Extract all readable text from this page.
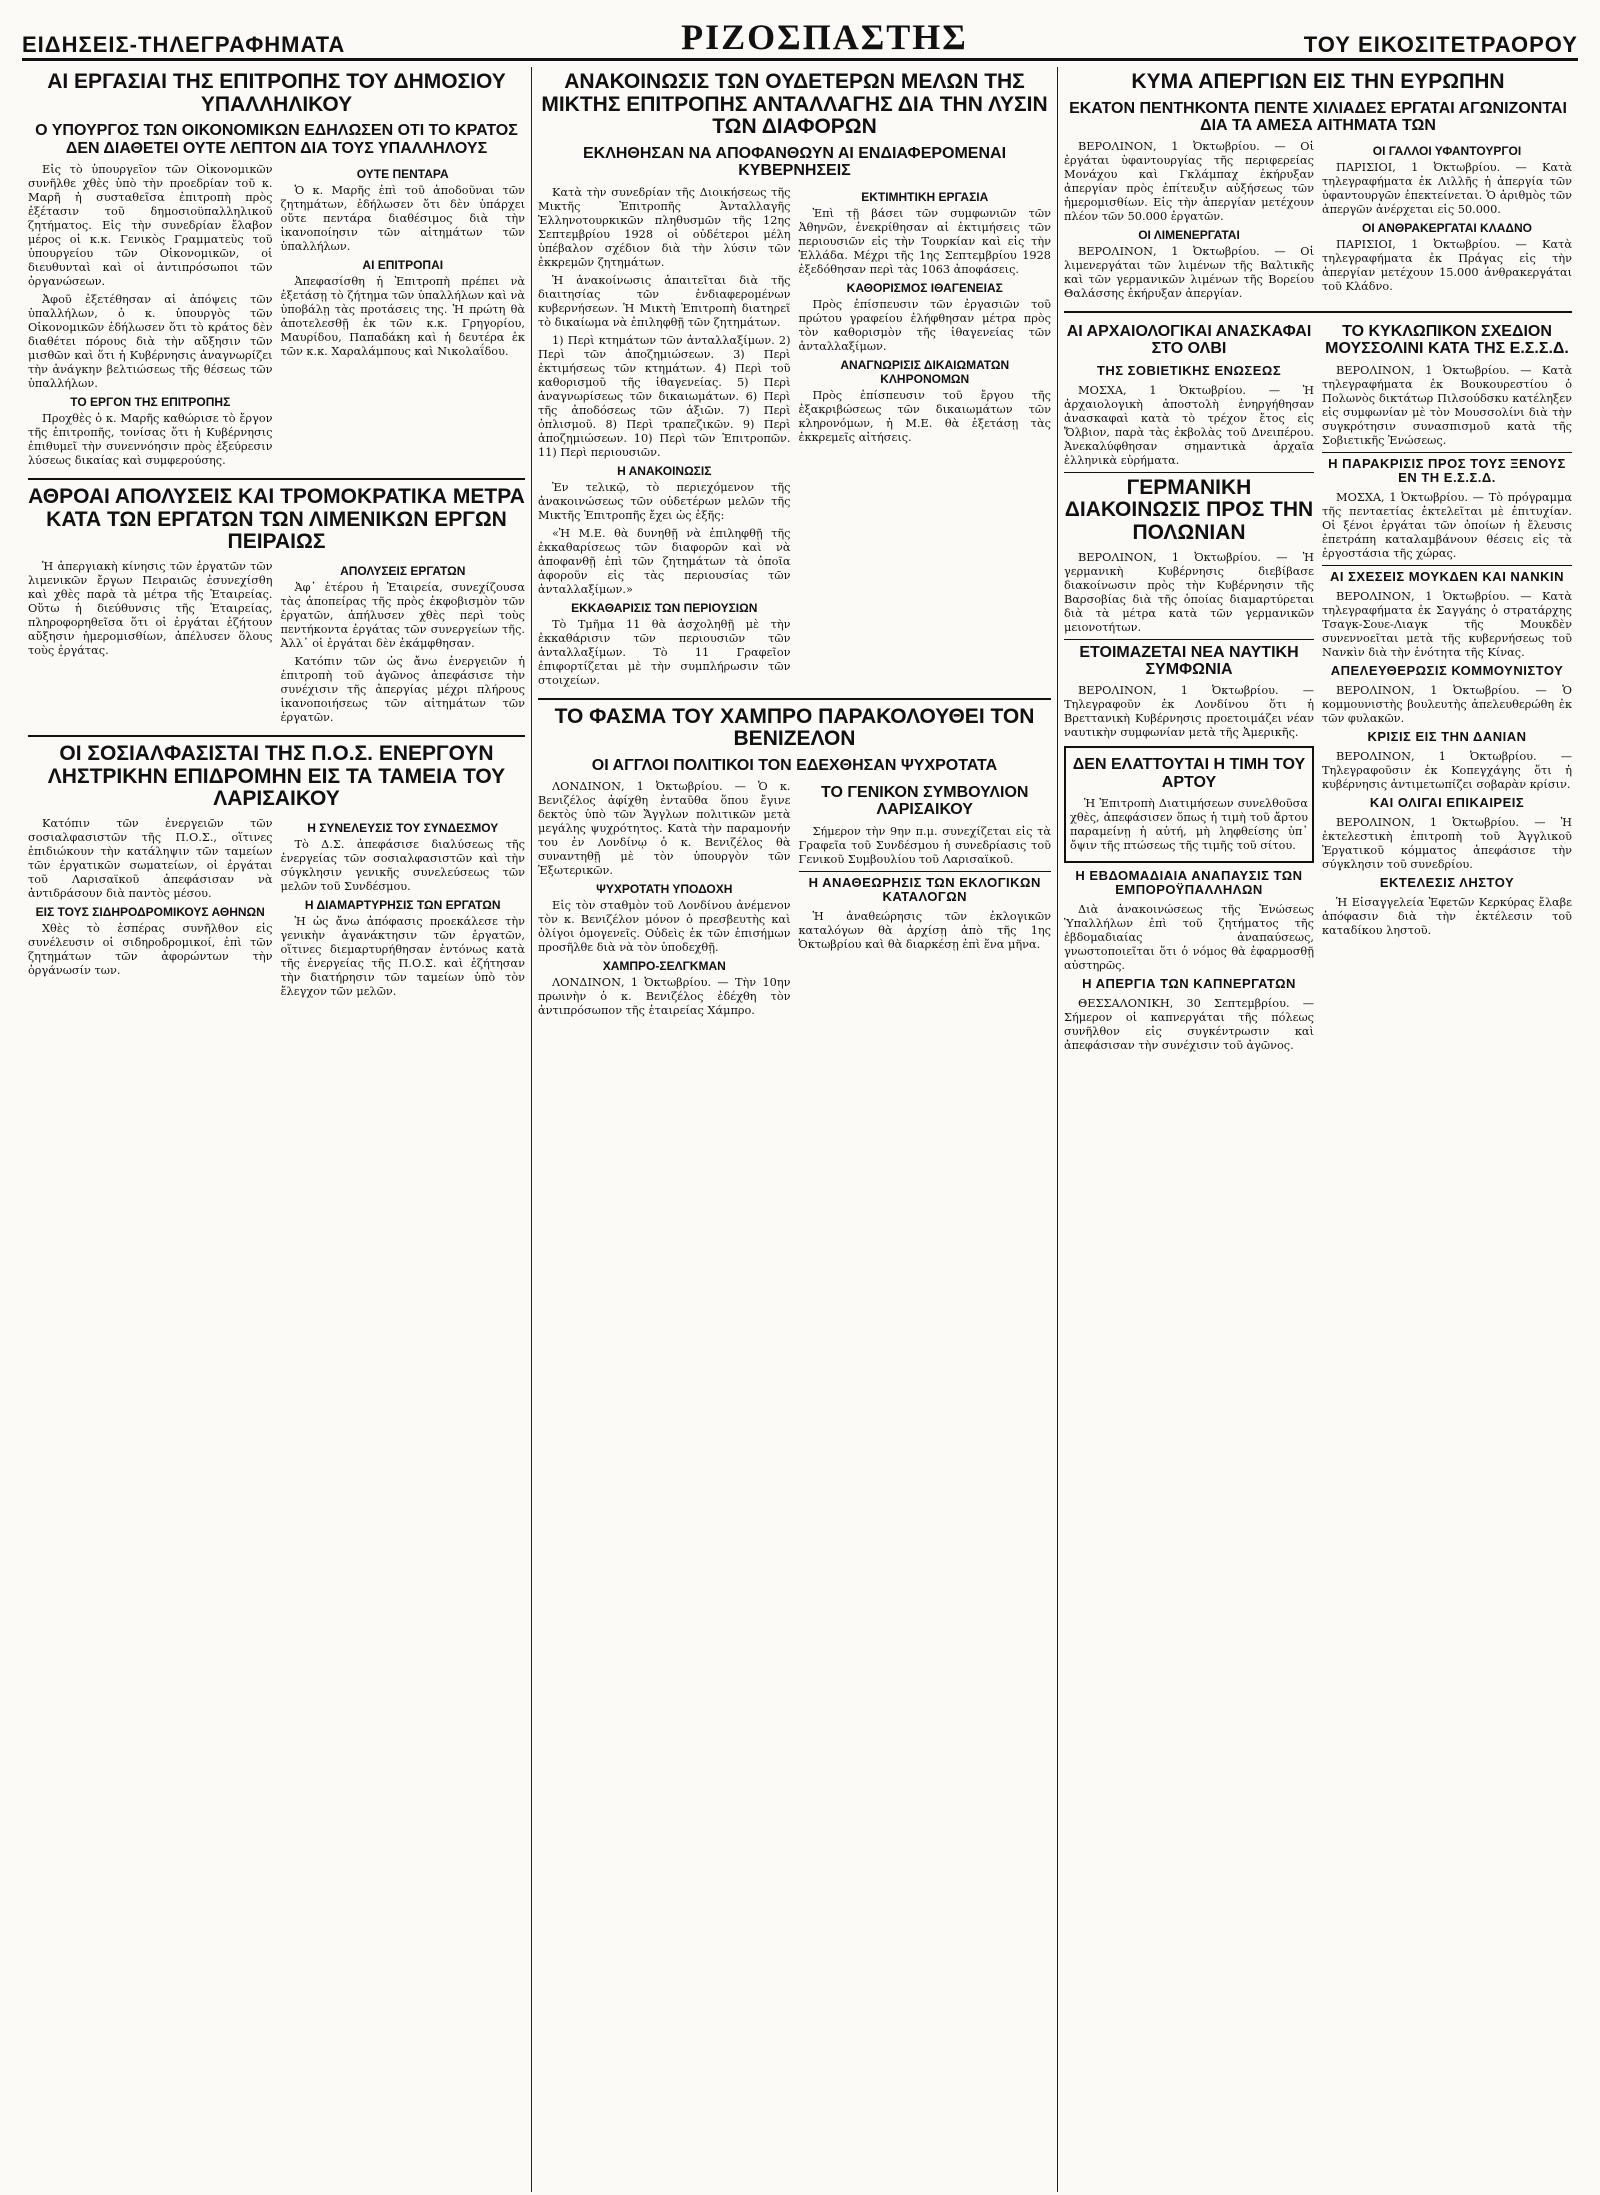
ΕΙΔΗΣΕΙΣ-ΤΗΛΕΓΡΑΦΗΜΑΤΑ	ΡΙΖΟΣΠΑΣΤΗΣ	ΤΟΥ ΕΙΚΟΣΙΤΕΤΡΑΟΡΟΥ
ΑΙ ΕΡΓΑΣΙΑΙ ΤΗΣ ΕΠΙΤΡΟΠΗΣ ΤΟΥ ΔΗΜΟΣΙΟΥ ΥΠΑΛΛΗΛΙΚΟΥ
Ο ΥΠΟΥΡΓΟΣ ΤΩΝ ΟΙΚΟΝΟΜΙΚΩΝ ΕΔΗΛΩΣΕΝ ΟΤΙ ΤΟ ΚΡΑΤΟΣ ΔΕΝ ΔΙΑΘΕΤΕΙ ΟΥΤΕ ΛΕΠΤΟΝ ΔΙΑ ΤΟΥΣ ΥΠΑΛΛΗΛΟΥΣ

Εἰς τὸ ὑπουργεῖον τῶν Οἰκονομικῶν συνῆλθε χθὲς ὑπὸ τὴν προεδρίαν τοῦ κ. Μαρῆ ἡ συσταθεῖσα ἐπιτροπὴ πρὸς ἐξέτασιν τοῦ δημοσιοϋπαλληλικοῦ ζητήματος. Εἰς τὴν συνεδρίαν ἔλαβον μέρος οἱ κ.κ. Γενικὸς Γραμματεὺς τοῦ ὑπουργείου τῶν Οἰκονομικῶν, οἱ διευθυνταὶ καὶ οἱ ἀντιπρόσωποι τῶν ὀργανώσεων.

Ἀφοῦ ἐξετέθησαν αἱ ἀπόψεις τῶν ὑπαλλήλων, ὁ κ. ὑπουργὸς τῶν Οἰκονομικῶν ἐδήλωσεν ὅτι τὸ κράτος δὲν διαθέτει πόρους διὰ τὴν αὔξησιν τῶν μισθῶν καὶ ὅτι ἡ Κυβέρνησις ἀναγνωρίζει τὴν ἀνάγκην βελτιώσεως τῆς θέσεως τῶν ὑπαλλήλων.

ΤΟ ΕΡΓΟΝ ΤΗΣ ΕΠΙΤΡΟΠΗΣ

Προχθὲς ὁ κ. Μαρῆς καθώρισε τὸ ἔργον τῆς ἐπιτροπῆς, τονίσας ὅτι ἡ Κυβέρνησις ἐπιθυμεῖ τὴν συνεννόησιν πρὸς ἐξεύρεσιν λύσεως δικαίας καὶ συμφερούσης.

ΟΥΤΕ ΠΕΝΤΑΡΑ

Ὁ κ. Μαρῆς ἐπὶ τοῦ ἀποδοῦναι τῶν ζητημάτων, ἐδήλωσεν ὅτι δὲν ὑπάρχει οὔτε πεντάρα διαθέσιμος διὰ τὴν ἱκανοποίησιν τῶν αἰτημάτων τῶν ὑπαλλήλων.

ΑΙ ΕΠΙΤΡΟΠΑΙ

Ἀπεφασίσθη ἡ Ἐπιτροπὴ πρέπει νὰ ἐξετάσῃ τὸ ζήτημα τῶν ὑπαλλήλων καὶ νὰ ὑποβάλῃ τὰς προτάσεις της. Ἡ πρώτη θὰ ἀποτελεσθῇ ἐκ τῶν κ.κ. Γρηγορίου, Μαυρίδου, Παπαδάκη καὶ ἡ δευτέρα ἐκ τῶν κ.κ. Χαραλάμπους καὶ Νικολαΐδου.

ΑΘΡΟΑΙ ΑΠΟΛΥΣΕΙΣ ΚΑΙ ΤΡΟΜΟΚΡΑΤΙΚΑ ΜΕΤΡΑ ΚΑΤΑ ΤΩΝ ΕΡΓΑΤΩΝ ΤΩΝ ΛΙΜΕΝΙΚΩΝ ΕΡΓΩΝ ΠΕΙΡΑΙΩΣ

Ἡ ἀπεργιακὴ κίνησις τῶν ἐργατῶν τῶν λιμενικῶν ἔργων Πειραιῶς ἐσυνεχίσθη καὶ χθὲς παρὰ τὰ μέτρα τῆς Ἑταιρείας. Οὕτω ἡ διεύθυνσις τῆς Ἑταιρείας, πληροφορηθεῖσα ὅτι οἱ ἐργάται ἐζήτουν αὔξησιν ἡμερομισθίων, ἀπέλυσεν ὅλους τοὺς ἐργάτας.

ΑΠΟΛΥΣΕΙΣ ΕΡΓΑΤΩΝ

Ἀφ᾿ ἑτέρου ἡ Ἑταιρεία, συνεχίζουσα τὰς ἀποπείρας τῆς πρὸς ἐκφοβισμὸν τῶν ἐργατῶν, ἀπήλυσεν χθὲς περὶ τοὺς πεντήκοντα ἐργάτας τῶν συνεργείων τῆς. Ἀλλ᾿ οἱ ἐργάται δὲν ἐκάμφθησαν.

Κατόπιν τῶν ὡς ἄνω ἐνεργειῶν ἡ ἐπιτροπὴ τοῦ ἀγῶνος ἀπεφάσισε τὴν συνέχισιν τῆς ἀπεργίας μέχρι πλήρους ἱκανοποιήσεως τῶν αἰτημάτων τῶν ἐργατῶν.

ΟΙ ΣΟΣΙΑΛΦΑΣΙΣΤΑΙ ΤΗΣ Π.Ο.Σ. ΕΝΕΡΓΟΥΝ ΛΗΣΤΡΙΚΗΝ ΕΠΙΔΡΟΜΗΝ ΕΙΣ ΤΑ ΤΑΜΕΙΑ ΤΟΥ ΛΑΡΙΣΑΙΚΟΥ

Κατόπιν τῶν ἐνεργειῶν τῶν σοσιαλφασιστῶν τῆς Π.Ο.Σ., οἵτινες ἐπιδιώκουν τὴν κατάληψιν τῶν ταμείων τῶν ἐργατικῶν σωματείων, οἱ ἐργάται τοῦ Λαρισαϊκοῦ ἀπεφάσισαν νὰ ἀντιδράσουν διὰ παντὸς μέσου.

ΕΙΣ ΤΟΥΣ ΣΙΔΗΡΟΔΡΟΜΙΚΟΥΣ ΑΘΗΝΩΝ

Χθὲς τὸ ἑσπέρας συνῆλθον εἰς συνέλευσιν οἱ σιδηροδρομικοί, ἐπὶ τῶν ζητημάτων τῶν ἀφορώντων τὴν ὀργάνωσίν των.

Η ΣΥΝΕΛΕΥΣΙΣ ΤΟΥ ΣΥΝΔΕΣΜΟΥ

Τὸ Δ.Σ. ἀπεφάσισε διαλύσεως τῆς ἐνεργείας τῶν σοσιαλφασιστῶν καὶ τὴν σύγκλησιν γενικῆς συνελεύσεως τῶν μελῶν τοῦ Συνδέσμου.

Η ΔΙΑΜΑΡΤΥΡΗΣΙΣ ΤΩΝ ΕΡΓΑΤΩΝ

Ἡ ὡς ἄνω ἀπόφασις προεκάλεσε τὴν γενικὴν ἀγανάκτησιν τῶν ἐργατῶν, οἵτινες διεμαρτυρήθησαν ἐντόνως κατὰ τῆς ἐνεργείας τῆς Π.Ο.Σ. καὶ ἐζήτησαν τὴν διατήρησιν τῶν ταμείων ὑπὸ τὸν ἔλεγχον τῶν μελῶν.

ΑΝΑΚΟΙΝΩΣΙΣ ΤΩΝ ΟΥΔΕΤΕΡΩΝ ΜΕΛΩΝ ΤΗΣ ΜΙΚΤΗΣ ΕΠΙΤΡΟΠΗΣ ΑΝΤΑΛΛΑΓΗΣ ΔΙΑ ΤΗΝ ΛΥΣΙΝ ΤΩΝ ΔΙΑΦΟΡΩΝ
ΕΚΛΗΘΗΣΑΝ ΝΑ ΑΠΟΦΑΝΘΩΥΝ ΑΙ ΕΝΔΙΑΦΕΡΟΜΕΝΑΙ ΚΥΒΕΡΝΗΣΕΙΣ

Κατὰ τὴν συνεδρίαν τῆς Διοικήσεως τῆς Μικτῆς Ἐπιτροπῆς Ἀνταλλαγῆς Ἑλληνοτουρκικῶν πληθυσμῶν τῆς 12ης Σεπτεμβρίου 1928 οἱ οὐδέτεροι μέλη ὑπέβαλον σχέδιον διὰ τὴν λύσιν τῶν ἐκκρεμῶν ζητημάτων.

Ἡ ἀνακοίνωσις ἀπαιτεῖται διὰ τῆς διαιτησίας τῶν ἑνδιαφερομένων κυβερνήσεων. Ἡ Μικτὴ Ἐπιτροπὴ διατηρεῖ τὸ δικαίωμα νὰ ἐπιληφθῇ τῶν ζητημάτων.

1) Περὶ κτημάτων τῶν ἀνταλλαξίμων. 2) Περὶ τῶν ἀποζημιώσεων. 3) Περὶ ἐκτιμήσεως τῶν κτημάτων. 4) Περὶ τοῦ καθορισμοῦ τῆς ἰθαγενείας. 5) Περὶ ἀναγνωρίσεως τῶν δικαιωμάτων. 6) Περὶ τῆς ἀποδόσεως τῶν ἀξιῶν. 7) Περὶ ὁπλισμοῦ. 8) Περὶ τραπεζικῶν. 9) Περὶ ἀποζημιώσεων. 10) Περὶ τῶν Ἐπιτροπῶν. 11) Περὶ περιουσιῶν.

Η ΑΝΑΚΟΙΝΩΣΙΣ

Ἐν τελικῷ, τὸ περιεχόμενον τῆς ἀνακοινώσεως τῶν οὐδετέρων μελῶν τῆς Μικτῆς Ἐπιτροπῆς ἔχει ὡς ἑξῆς:

«Ἡ Μ.Ε. θὰ δυνηθῇ νὰ ἐπιληφθῇ τῆς ἐκκαθαρίσεως τῶν διαφορῶν καὶ νὰ ἀποφανθῇ ἐπὶ τῶν ζητημάτων τὰ ὁποῖα ἀφοροῦν εἰς τὰς περιουσίας τῶν ἀνταλλαξίμων.»

ΕΚΚΑΘΑΡΙΣΙΣ ΤΩΝ ΠΕΡΙΟΥΣΙΩΝ

Τὸ Τμῆμα 11 θὰ ἀσχοληθῇ μὲ τὴν ἐκκαθάρισιν τῶν περιουσιῶν τῶν ἀνταλλαξίμων. Τὸ 11 Γραφεῖον ἐπιφορτίζεται μὲ τὴν συμπλήρωσιν τῶν στοιχείων.

ΕΚΤΙΜΗΤΙΚΗ ΕΡΓΑΣΙΑ

Ἐπὶ τῇ βάσει τῶν συμφωνιῶν τῶν Ἀθηνῶν, ἐνεκρίθησαν αἱ ἐκτιμήσεις τῶν περιουσιῶν εἰς τὴν Τουρκίαν καὶ εἰς τὴν Ἑλλάδα. Μέχρι τῆς 1ης Σεπτεμβρίου 1928 ἐξεδόθησαν περὶ τὰς 1063 ἀποφάσεις.

ΚΑΘΟΡΙΣΜΟΣ ΙΘΑΓΕΝΕΙΑΣ

Πρὸς ἐπίσπευσιν τῶν ἐργασιῶν τοῦ πρώτου γραφείου ἐλήφθησαν μέτρα πρὸς τὸν καθορισμὸν τῆς ἰθαγενείας τῶν ἀνταλλαξίμων.

ΑΝΑΓΝΩΡΙΣΙΣ ΔΙΚΑΙΩΜΑΤΩΝ ΚΛΗΡΟΝΟΜΩΝ

Πρὸς ἐπίσπευσιν τοῦ ἔργου τῆς ἐξακριβώσεως τῶν δικαιωμάτων τῶν κληρονόμων, ἡ Μ.Ε. θὰ ἐξετάσῃ τὰς ἐκκρεμεῖς αἰτήσεις.

ΤΟ ΦΑΣΜΑ ΤΟΥ ΧΑΜΠΡΟ ΠΑΡΑΚΟΛΟΥΘΕΙ ΤΟΝ ΒΕΝΙΖΕΛΟΝ
ΟΙ ΑΓΓΛΟΙ ΠΟΛΙΤΙΚΟΙ ΤΟΝ ΕΔΕΧΘΗΣΑΝ ΨΥΧΡΟΤΑΤΑ

ΛΟΝΔΙΝΟΝ, 1 Ὀκτωβρίου. — Ὁ κ. Βενιζέλος ἀφίχθη ἐνταῦθα ὅπου ἔγινε δεκτὸς ὑπὸ τῶν Ἄγγλων πολιτικῶν μετὰ μεγάλης ψυχρότητος. Κατὰ τὴν παραμονήν του ἐν Λονδίνῳ ὁ κ. Βενιζέλος θὰ συναντηθῇ μὲ τὸν ὑπουργὸν τῶν Ἐξωτερικῶν.

ΨΥΧΡΟΤΑΤΗ ΥΠΟΔΟΧΗ

Εἰς τὸν σταθμὸν τοῦ Λονδίνου ἀνέμενον τὸν κ. Βενιζέλον μόνον ὁ πρεσβευτὴς καὶ ὀλίγοι ὁμογενεῖς. Οὐδεὶς ἐκ τῶν ἐπισήμων προσῆλθε διὰ νὰ τὸν ὑποδεχθῇ.

ΧΑΜΠΡΟ-ΣΕΛΓΚΜΑΝ

ΛΟΝΔΙΝΟΝ, 1 Ὀκτωβρίου. — Τὴν 10ην πρωινὴν ὁ κ. Βενιζέλος ἐδέχθη τὸν ἀντιπρόσωπον τῆς ἑταιρείας Χάμπρο.

ΤΟ ΓΕΝΙΚΟΝ ΣΥΜΒΟΥΛΙΟΝ ΛΑΡΙΣΑΙΚΟΥ

Σήμερον τὴν 9ην π.μ. συνεχίζεται εἰς τὰ Γραφεῖα τοῦ Συνδέσμου ἡ συνεδρίασις τοῦ Γενικοῦ Συμβουλίου τοῦ Λαρισαϊκοῦ.

Η ΑΝΑΘΕΩΡΗΣΙΣ ΤΩΝ ΕΚΛΟΓΙΚΩΝ ΚΑΤΑΛΟΓΩΝ

Ἡ ἀναθεώρησις τῶν ἐκλογικῶν καταλόγων θὰ ἀρχίσῃ ἀπὸ τῆς 1ης Ὀκτωβρίου καὶ θὰ διαρκέσῃ ἐπὶ ἕνα μῆνα.

ΚΥΜΑ ΑΠΕΡΓΙΩΝ ΕΙΣ ΤΗΝ ΕΥΡΩΠΗΝ
ΕΚΑΤΟΝ ΠΕΝΤΗΚΟΝΤΑ ΠΕΝΤΕ ΧΙΛΙΑΔΕΣ ΕΡΓΑΤΑΙ ΑΓΩΝΙΖΟΝΤΑΙ ΔΙΑ ΤΑ ΑΜΕΣΑ ΑΙΤΗΜΑΤΑ ΤΩΝ

ΒΕΡΟΛΙΝΟΝ, 1 Ὀκτωβρίου. — Οἱ ἐργάται ὑφαντουργίας τῆς περιφερείας Μονάχου καὶ Γκλάμπαχ ἐκήρυξαν ἀπεργίαν πρὸς ἐπίτευξιν αὐξήσεως τῶν ἡμερομισθίων. Εἰς τὴν ἀπεργίαν μετέχουν πλέον τῶν 50.000 ἐργατῶν.

ΟΙ ΛΙΜΕΝΕΡΓΑΤΑΙ

ΒΕΡΟΛΙΝΟΝ, 1 Ὀκτωβρίου. — Οἱ λιμενεργάται τῶν λιμένων τῆς Βαλτικῆς καὶ τῶν γερμανικῶν λιμένων τῆς Βορείου Θαλάσσης ἐκήρυξαν ἀπεργίαν.

ΟΙ ΓΑΛΛΟΙ ΥΦΑΝΤΟΥΡΓΟΙ

ΠΑΡΙΣΙΟΙ, 1 Ὀκτωβρίου. — Κατὰ τηλεγραφήματα ἐκ Λιλλῆς ἡ ἀπεργία τῶν ὑφαντουργῶν ἐπεκτείνεται. Ὁ ἀριθμὸς τῶν ἀπεργῶν ἀνέρχεται εἰς 50.000.

ΟΙ ΑΝΘΡΑΚΕΡΓΑΤΑΙ ΚΛΑΔΝΟ

ΠΑΡΙΣΙΟΙ, 1 Ὀκτωβρίου. — Κατὰ τηλεγραφήματα ἐκ Πράγας εἰς τὴν ἀπεργίαν μετέχουν 15.000 ἀνθρακεργάται τοῦ Κλάδνο.

ΑΙ ΑΡΧΑΙΟΛΟΓΙΚΑΙ ΑΝΑΣΚΑΦΑΙ ΣΤΟ ΟΛΒΙ
ΤΗΣ ΣΟΒΙΕΤΙΚΗΣ ΕΝΩΣΕΩΣ

ΜΟΣΧΑ, 1 Ὀκτωβρίου. — Ἡ ἀρχαιολογικὴ ἀποστολὴ ἐνηργήθησαν ἀνασκαφαὶ κατὰ τὸ τρέχον ἔτος εἰς Ὄλβιον, παρὰ τὰς ἐκβολὰς τοῦ Δνειπέρου. Ἀνεκαλύφθησαν σημαντικὰ ἀρχαῖα ἑλληνικὰ εὑρήματα.

ΓΕΡΜΑΝΙΚΗ ΔΙΑΚΟΙΝΩΣΙΣ ΠΡΟΣ ΤΗΝ ΠΟΛΩΝΙΑΝ

ΒΕΡΟΛΙΝΟΝ, 1 Ὀκτωβρίου. — Ἡ γερμανικὴ Κυβέρνησις διεβίβασε διακοίνωσιν πρὸς τὴν Κυβέρνησιν τῆς Βαρσοβίας διὰ τῆς ὁποίας διαμαρτύρεται διὰ τὰ μέτρα κατὰ τῶν γερμανικῶν μειονοτήτων.

ΕΤΟΙΜΑΖΕΤΑΙ ΝΕΑ ΝΑΥΤΙΚΗ ΣΥΜΦΩΝΙΑ

ΒΕΡΟΛΙΝΟΝ, 1 Ὀκτωβρίου. — Τηλεγραφοῦν ἐκ Λονδίνου ὅτι ἡ Βρεττανικὴ Κυβέρνησις προετοιμάζει νέαν ναυτικὴν συμφωνίαν μετὰ τῆς Ἀμερικῆς.

ΔΕΝ ΕΛΑΤΤΟΥΤΑΙ Η ΤΙΜΗ ΤΟΥ ΑΡΤΟΥ

Ἡ Ἐπιτροπὴ Διατιμήσεων συνελθοῦσα χθὲς, ἀπεφάσισεν ὅπως ἡ τιμὴ τοῦ ἄρτου παραμείνῃ ἡ αὐτή, μὴ ληφθείσης ὑπ᾿ ὄψιν τῆς πτώσεως τῆς τιμῆς τοῦ σίτου.

Η ΕΒΔΟΜΑΔΙΑΙΑ ΑΝΑΠΑΥΣΙΣ ΤΩΝ ΕΜΠΟΡΟΫΠΑΛΛΗΛΩΝ

Διὰ ἀνακοινώσεως τῆς Ἑνώσεως Ὑπαλλήλων ἐπὶ τοῦ ζητήματος τῆς ἑβδομαδιαίας ἀναπαύσεως, γνωστοποιεῖται ὅτι ὁ νόμος θὰ ἐφαρμοσθῇ αὐστηρῶς.

Η ΑΠΕΡΓΙΑ ΤΩΝ ΚΑΠΝΕΡΓΑΤΩΝ

ΘΕΣΣΑΛΟΝΙΚΗ, 30 Σεπτεμβρίου. — Σήμερον οἱ καπνεργάται τῆς πόλεως συνῆλθον εἰς συγκέντρωσιν καὶ ἀπεφάσισαν τὴν συνέχισιν τοῦ ἀγῶνος.

ΤΟ ΚΥΚΛΩΠΙΚΟΝ ΣΧΕΔΙΟΝ ΜΟΥΣΣΟΛΙΝΙ ΚΑΤΑ ΤΗΣ Ε.Σ.Σ.Δ.

ΒΕΡΟΛΙΝΟΝ, 1 Ὀκτωβρίου. — Κατὰ τηλεγραφήματα ἐκ Βουκουρεστίου ὁ Πολωνὸς δικτάτωρ Πιλσούδσκυ κατέληξεν εἰς συμφωνίαν μὲ τὸν Μουσσολίνι διὰ τὴν συγκρότησιν συνασπισμοῦ κατὰ τῆς Σοβιετικῆς Ἑνώσεως.

Η ΠΑΡΑΚΡΙΣΙΣ ΠΡΟΣ ΤΟΥΣ ΞΕΝΟΥΣ ΕΝ ΤΗ Ε.Σ.Σ.Δ.

ΜΟΣΧΑ, 1 Ὀκτωβρίου. — Τὸ πρόγραμμα τῆς πενταετίας ἐκτελεῖται μὲ ἐπιτυχίαν. Οἱ ξένοι ἐργάται τῶν ὁποίων ἡ ἔλευσις ἐπετράπη καταλαμβάνουν θέσεις εἰς τὰ ἐργοστάσια τῆς χώρας.

ΑΙ ΣΧΕΣΕΙΣ ΜΟΥΚΔΕΝ ΚΑΙ ΝΑΝΚΙΝ

ΒΕΡΟΛΙΝΟΝ, 1 Ὀκτωβρίου. — Κατὰ τηλεγραφήματα ἐκ Σαγγάης ὁ στρατάρχης Τσαγκ-Σουε-Λιαγκ τῆς Μουκδὲν συνεννοεῖται μετὰ τῆς κυβερνήσεως τοῦ Νανκὶν διὰ τὴν ἑνότητα τῆς Κίνας.

ΑΠΕΛΕΥΘΕΡΩΣΙΣ ΚΟΜΜΟΥΝΙΣΤΟΥ

ΒΕΡΟΛΙΝΟΝ, 1 Ὀκτωβρίου. — Ὁ κομμουνιστὴς βουλευτὴς ἀπελευθερώθη ἐκ τῶν φυλακῶν.

ΚΡΙΣΙΣ ΕΙΣ ΤΗΝ ΔΑΝΙΑΝ

ΒΕΡΟΛΙΝΟΝ, 1 Ὀκτωβρίου. — Τηλεγραφοῦσιν ἐκ Κοπεγχάγης ὅτι ἡ κυβέρνησις ἀντιμετωπίζει σοβαρὰν κρίσιν.

ΚΑΙ ΟΛΙΓΑΙ ΕΠΙΚΑΙΡΕΙΣ

ΒΕΡΟΛΙΝΟΝ, 1 Ὀκτωβρίου. — Ἡ ἐκτελεστικὴ ἐπιτροπὴ τοῦ Ἀγγλικοῦ Ἐργατικοῦ κόμματος ἀπεφάσισε τὴν σύγκλησιν τοῦ συνεδρίου.

ΕΚΤΕΛΕΣΙΣ ΛΗΣΤΟΥ

Ἡ Εἰσαγγελεία Ἐφετῶν Κερκύρας ἔλαβε ἀπόφασιν διὰ τὴν ἐκτέλεσιν τοῦ καταδίκου ληστοῦ.
